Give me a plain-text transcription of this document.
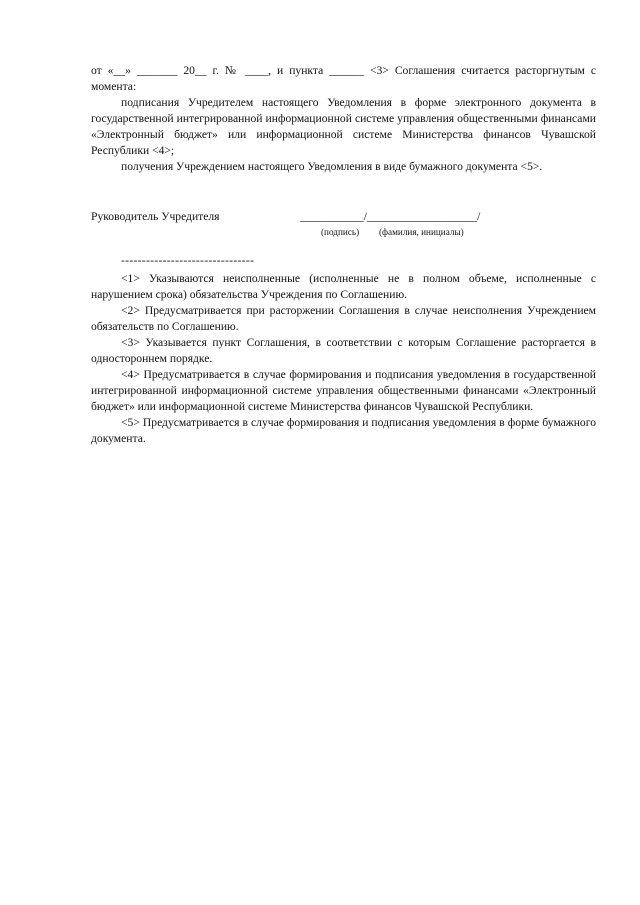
от «__» _______ 20__ г. № ____, и пункта ______ <3> Соглашения считается расторгнутым с момента:

подписания Учредителем настоящего Уведомления в форме электронного документа в государственной интегрированной информационной системе управления общественными финансами «Электронный бюджет» или информационной системе Министерства финансов Чувашской Республики <4>;

получения Учреждением настоящего Уведомления в виде бумажного документа <5>.

Руководитель Учредителя	___________/___________________/
(подпись) (фамилия, инициалы)
--------------------------------

<1> Указываются неисполненные (исполненные не в полном объеме, исполненные с нарушением срока) обязательства Учреждения по Соглашению.

<2> Предусматривается при расторжении Соглашения в случае неисполнения Учреждением обязательств по Соглашению.

<3> Указывается пункт Соглашения, в соответствии с которым Соглашение расторгается в одностороннем порядке.

<4> Предусматривается в случае формирования и подписания уведомления в государственной интегрированной информационной системе управления общественными финансами «Электронный бюджет» или информационной системе Министерства финансов Чувашской Республики.

<5> Предусматривается в случае формирования и подписания уведомления в форме бумажного документа.
